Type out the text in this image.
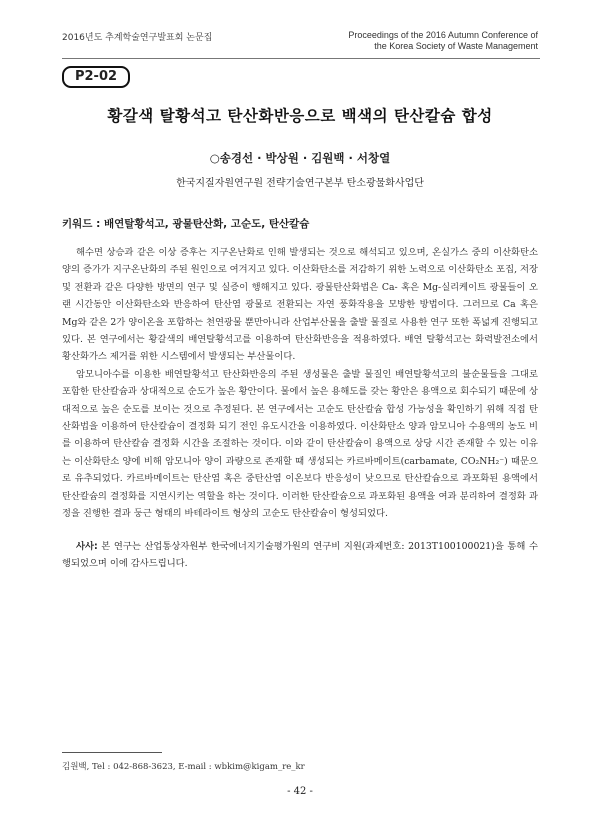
2016년도 추계학술연구발표회 논문집	Proceedings of the 2016 Autumn Conference of
the Korea Society of Waste Management
P2-02
황갈색 탈황석고 탄산화반응으로 백색의 탄산칼슘 합성
○송경선 · 박상원 · 김원백 · 서창열
한국지질자원연구원 전략기술연구본부 탄소광물화사업단
키워드 : 배연탈황석고, 광물탄산화, 고순도, 탄산칼슘

해수면 상승과 같은 이상 증후는 지구온난화로 인해 발생되는 것으로 해석되고 있으며, 온실가스 중의 이산화탄소 양의 증가가 지구온난화의 주된 원인으로 여겨지고 있다. 이산화탄소를 저감하기 위한 노력으로 이산화탄소 포집, 저장 및 전환과 같은 다양한 방면의 연구 및 실증이 행해지고 있다. 광물탄산화법은 Ca- 혹은 Mg-실리케이트 광물들이 오랜 시간동안 이산화탄소와 반응하여 탄산염 광물로 전환되는 자연 풍화작용을 모방한 방법이다. 그러므로 Ca 혹은 Mg와 같은 2가 양이온을 포함하는 천연광물 뿐만아니라 산업부산물을 출발 물질로 사용한 연구 또한 폭넓게 진행되고 있다. 본 연구에서는 황갈색의 배연탈황석고를 이용하여 탄산화반응을 적용하였다. 배연 탈황석고는 화력발전소에서 황산화가스 제거를 위한 시스템에서 발생되는 부산물이다.

암모니아수를 이용한 배연탈황석고 탄산화반응의 주된 생성물은 출발 물질인 배연탈황석고의 불순물들을 그대로 포함한 탄산칼슘과 상대적으로 순도가 높은 황안이다. 물에서 높은 용해도를 갖는 황안은 용액으로 회수되기 때문에 상대적으로 높은 순도를 보이는 것으로 추정된다. 본 연구에서는 고순도 탄산칼슘 합성 가능성을 확인하기 위해 직접 탄산화법을 이용하여 탄산칼슘이 결정화 되기 전인 유도시간을 이용하였다. 이산화탄소 양과 암모니아 수용액의 농도 비를 이용하여 탄산칼슘 결정화 시간을 조절하는 것이다. 이와 같이 탄산칼슘이 용액으로 상당 시간 존재할 수 있는 이유는 이산화탄소 양에 비해 암모니아 양이 과량으로 존재할 때 생성되는 카르바메이트(carbamate, CO₂NH₂⁻) 때문으로 유추되었다. 카르바메이트는 탄산염 혹은 중탄산염 이온보다 반응성이 낮으므로 탄산칼슘으로 과포화된 용액에서 탄산칼슘의 결정화를 지연시키는 역할을 하는 것이다. 이러한 탄산칼슘으로 과포화된 용액을 여과 분리하여 결정화 과정을 진행한 결과 둥근 형태의 바테라이트 형상의 고순도 탄산칼슘이 형성되었다.

사사: 본 연구는 산업통상자원부 한국에너지기술평가원의 연구비 지원(과제번호: 2013T100100021)을 통해 수행되었으며 이에 감사드립니다.
김원백, Tel : 042-868-3623, E-mail : wbkim@kigam_re_kr
- 42 -
